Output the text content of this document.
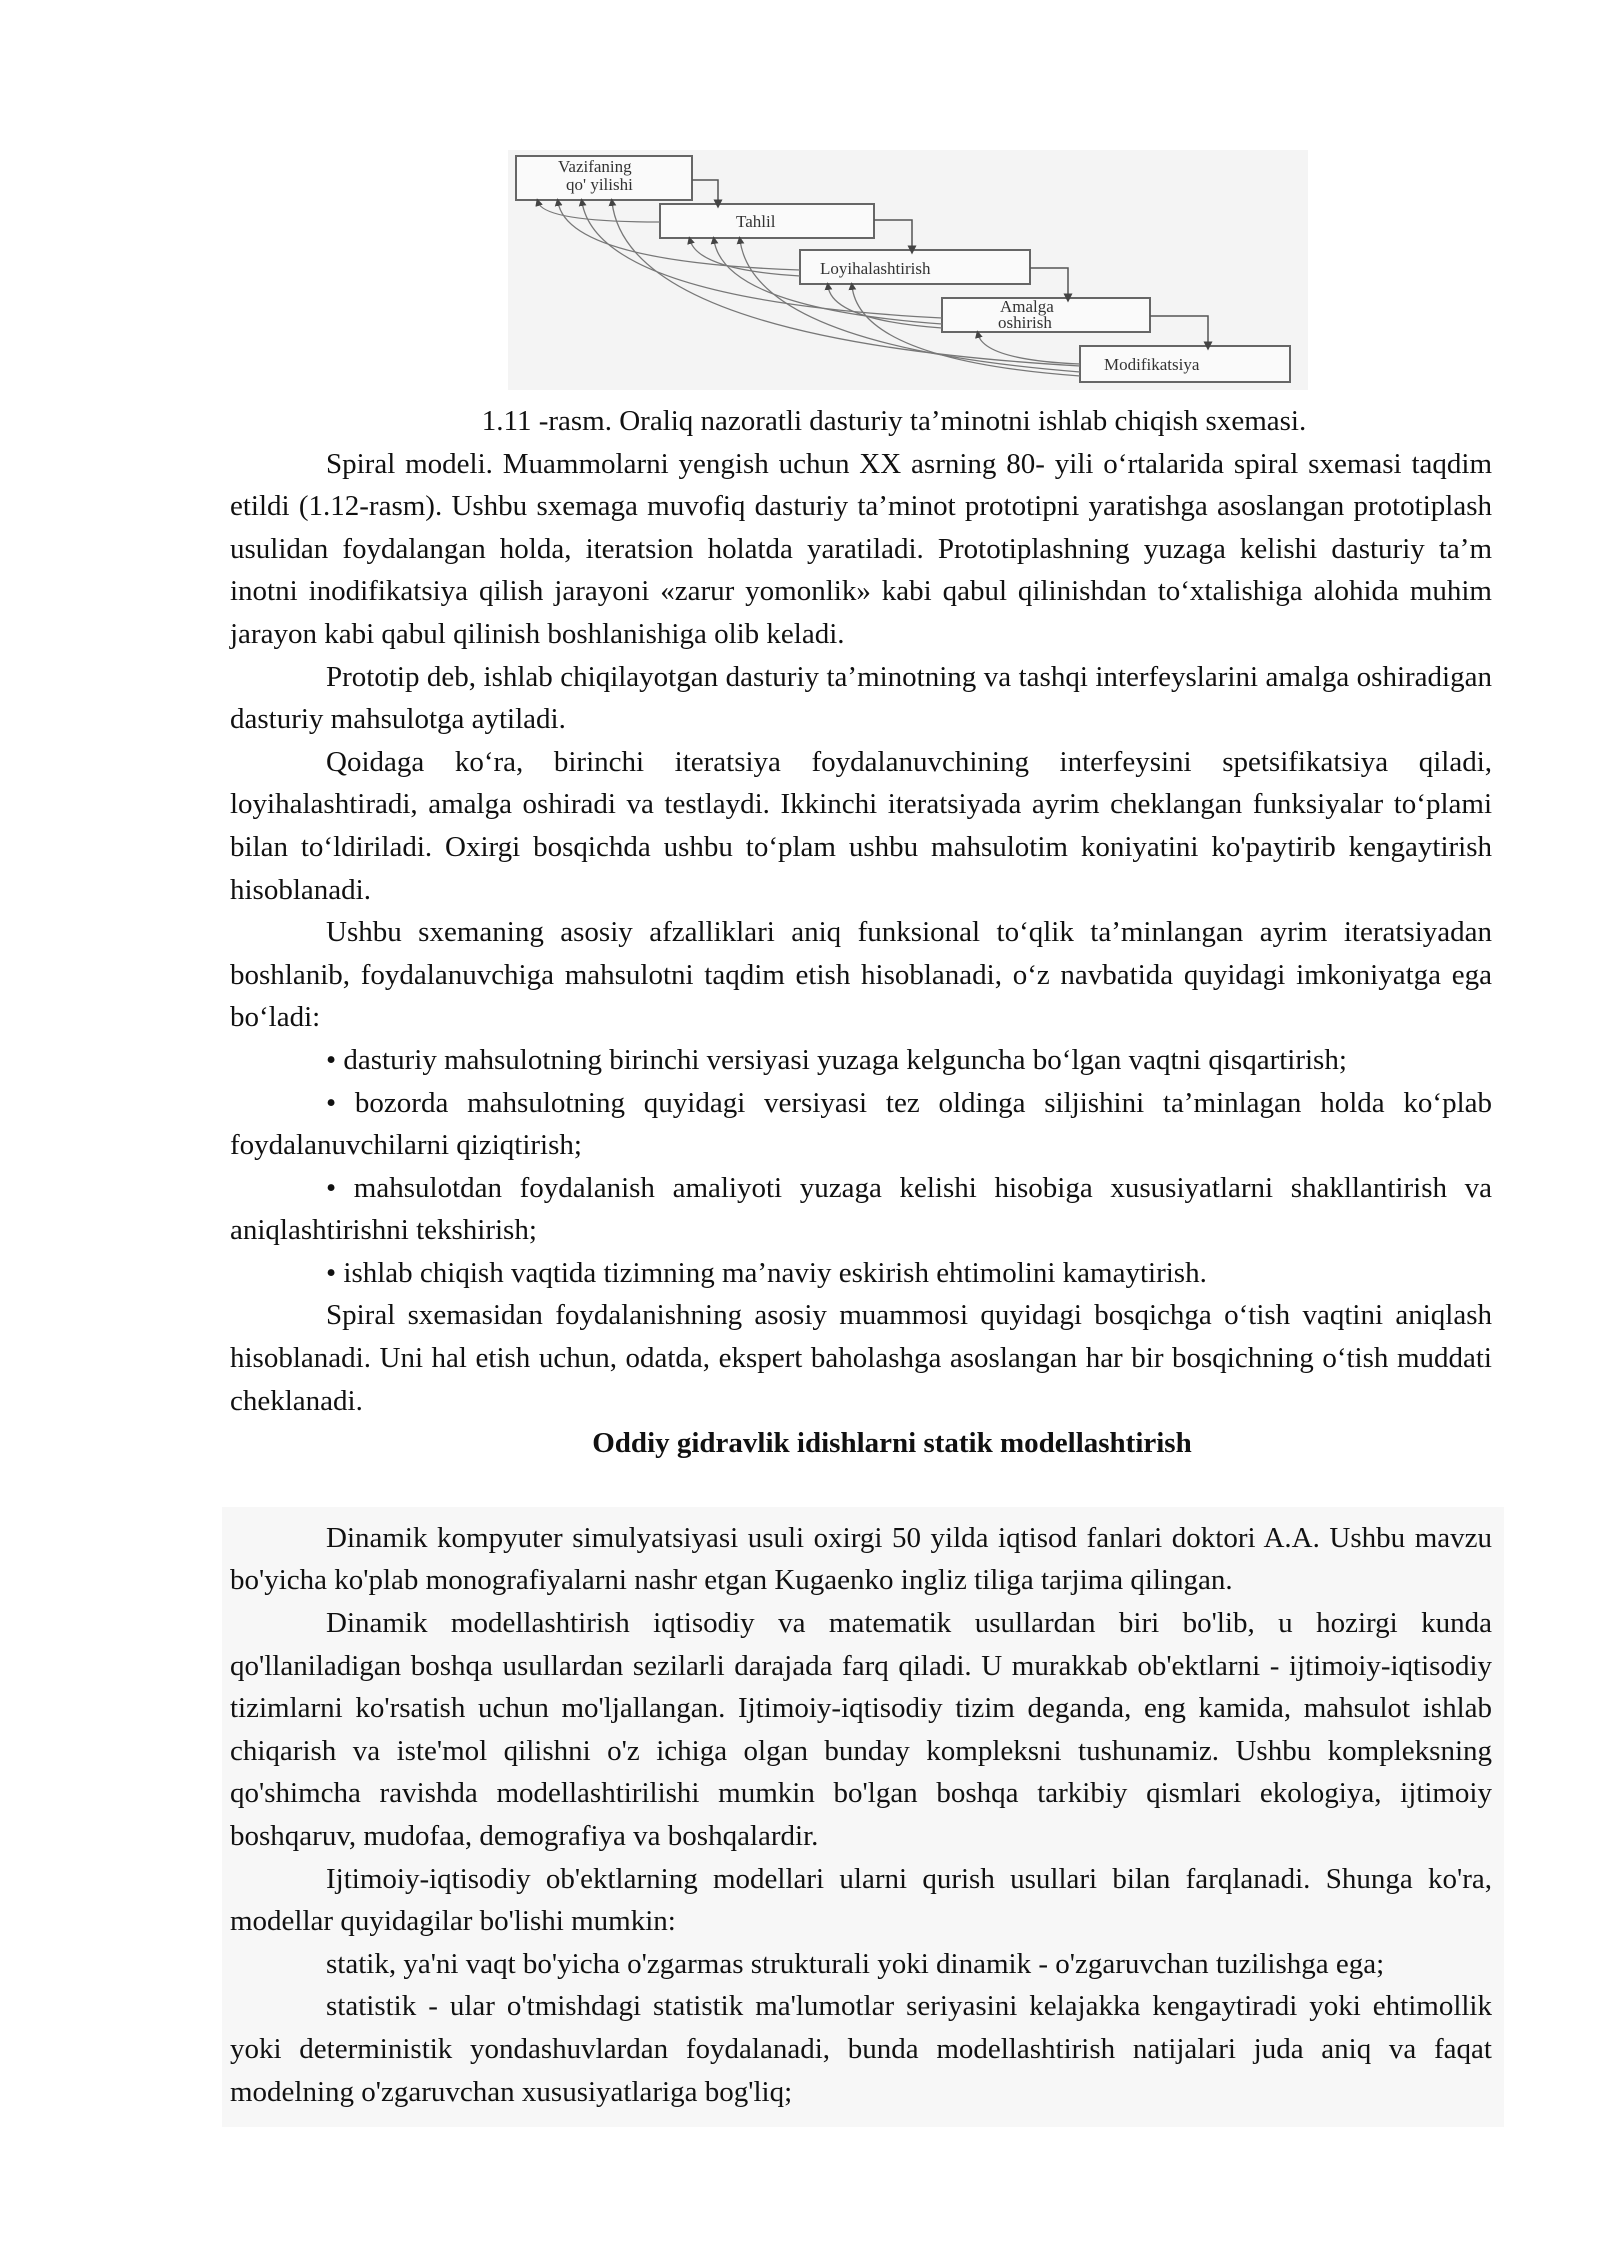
Vazifaning
qo' yilishi
Tahlil
Loyihalashtirish
Amalga
oshirish
Modifikatsiya

1.11 -rasm. Oraliq nazoratli dasturiy ta’minotni ishlab chiqish sxemasi.

Spiral modeli. Muammolarni yengish uchun XX asrning 80- yili oʻrtalarida spiral sxemasi taqdim etildi (1.12-rasm). Ushbu sxemaga muvofiq dasturiy ta’minot prototipni yaratishga asoslangan prototiplash usulidan foydalangan holda, iteratsion holatda yaratiladi. Prototiplashning yuzaga kelishi dasturiy ta’m inotni inodifikatsiya qilish jarayoni «zarur yomonlik» kabi qabul qilinishdan to‘xtalishiga alohida muhim jarayon kabi qabul qilinish boshlanishiga olib keladi.

Prototip deb, ishlab chiqilayotgan dasturiy ta’minotning va tashqi interfeyslarini amalga oshiradigan dasturiy mahsulotga aytiladi.

Qoidaga ko‘ra, birinchi iteratsiya foydalanuvchining interfeysini spetsifikatsiya qiladi, loyihalashtiradi, amalga oshiradi va testlaydi. Ikkinchi iteratsiyada ayrim cheklangan funksiyalar to‘plami bilan to‘ldiriladi. Oxirgi bosqichda ushbu to‘plam ushbu mahsulotim koniyatini ko'paytirib kengaytirish hisoblanadi.

Ushbu sxemaning asosiy afzalliklari aniq funksional toʻqlik ta’minlangan ayrim iteratsiyadan boshlanib, foydalanuvchiga mahsulotni taqdim etish hisoblanadi, o‘z navbatida quyidagi imkoniyatga ega bo‘ladi:

• dasturiy mahsulotning birinchi versiyasi yuzaga kelguncha bo‘lgan vaqtni qisqartirish;

• bozorda mahsulotning quyidagi versiyasi tez oldinga siljishini ta’minlagan holda ko‘plab foydalanuvchilarni qiziqtirish;

• mahsulotdan foydalanish amaliyoti yuzaga kelishi hisobiga xususiyatlarni shakllantirish va aniqlashtirishni tekshirish;

• ishlab chiqish vaqtida tizimning ma’naviy eskirish ehtimolini kamaytirish.

Spiral sxemasidan foydalanishning asosiy muammosi quyidagi bosqichga o‘tish vaqtini aniqlash hisoblanadi. Uni hal etish uchun, odatda, ekspert baholashga asoslangan har bir bosqichning o‘tish muddati cheklanadi.

Oddiy gidravlik idishlarni statik modellashtirish

Dinamik kompyuter simulyatsiyasi usuli oxirgi 50 yilda iqtisod fanlari doktori A.A. Ushbu mavzu bo'yicha ko'plab monografiyalarni nashr etgan Kugaenko ingliz tiliga tarjima qilingan.

Dinamik modellashtirish iqtisodiy va matematik usullardan biri bo'lib, u hozirgi kunda qo'llaniladigan boshqa usullardan sezilarli darajada farq qiladi. U murakkab ob'ektlarni - ijtimoiy-iqtisodiy tizimlarni ko'rsatish uchun mo'ljallangan. Ijtimoiy-iqtisodiy tizim deganda, eng kamida, mahsulot ishlab chiqarish va iste'mol qilishni o'z ichiga olgan bunday kompleksni tushunamiz. Ushbu kompleksning qo'shimcha ravishda modellashtirilishi mumkin bo'lgan boshqa tarkibiy qismlari ekologiya, ijtimoiy boshqaruv, mudofaa, demografiya va boshqalardir.

Ijtimoiy-iqtisodiy ob'ektlarning modellari ularni qurish usullari bilan farqlanadi. Shunga ko'ra, modellar quyidagilar bo'lishi mumkin:

statik, ya'ni vaqt bo'yicha o'zgarmas strukturali yoki dinamik - o'zgaruvchan tuzilishga ega;

statistik - ular o'tmishdagi statistik ma'lumotlar seriyasini kelajakka kengaytiradi yoki ehtimollik yoki deterministik yondashuvlardan foydalanadi, bunda modellashtirish natijalari juda aniq va faqat modelning o'zgaruvchan xususiyatlariga bog'liq;
